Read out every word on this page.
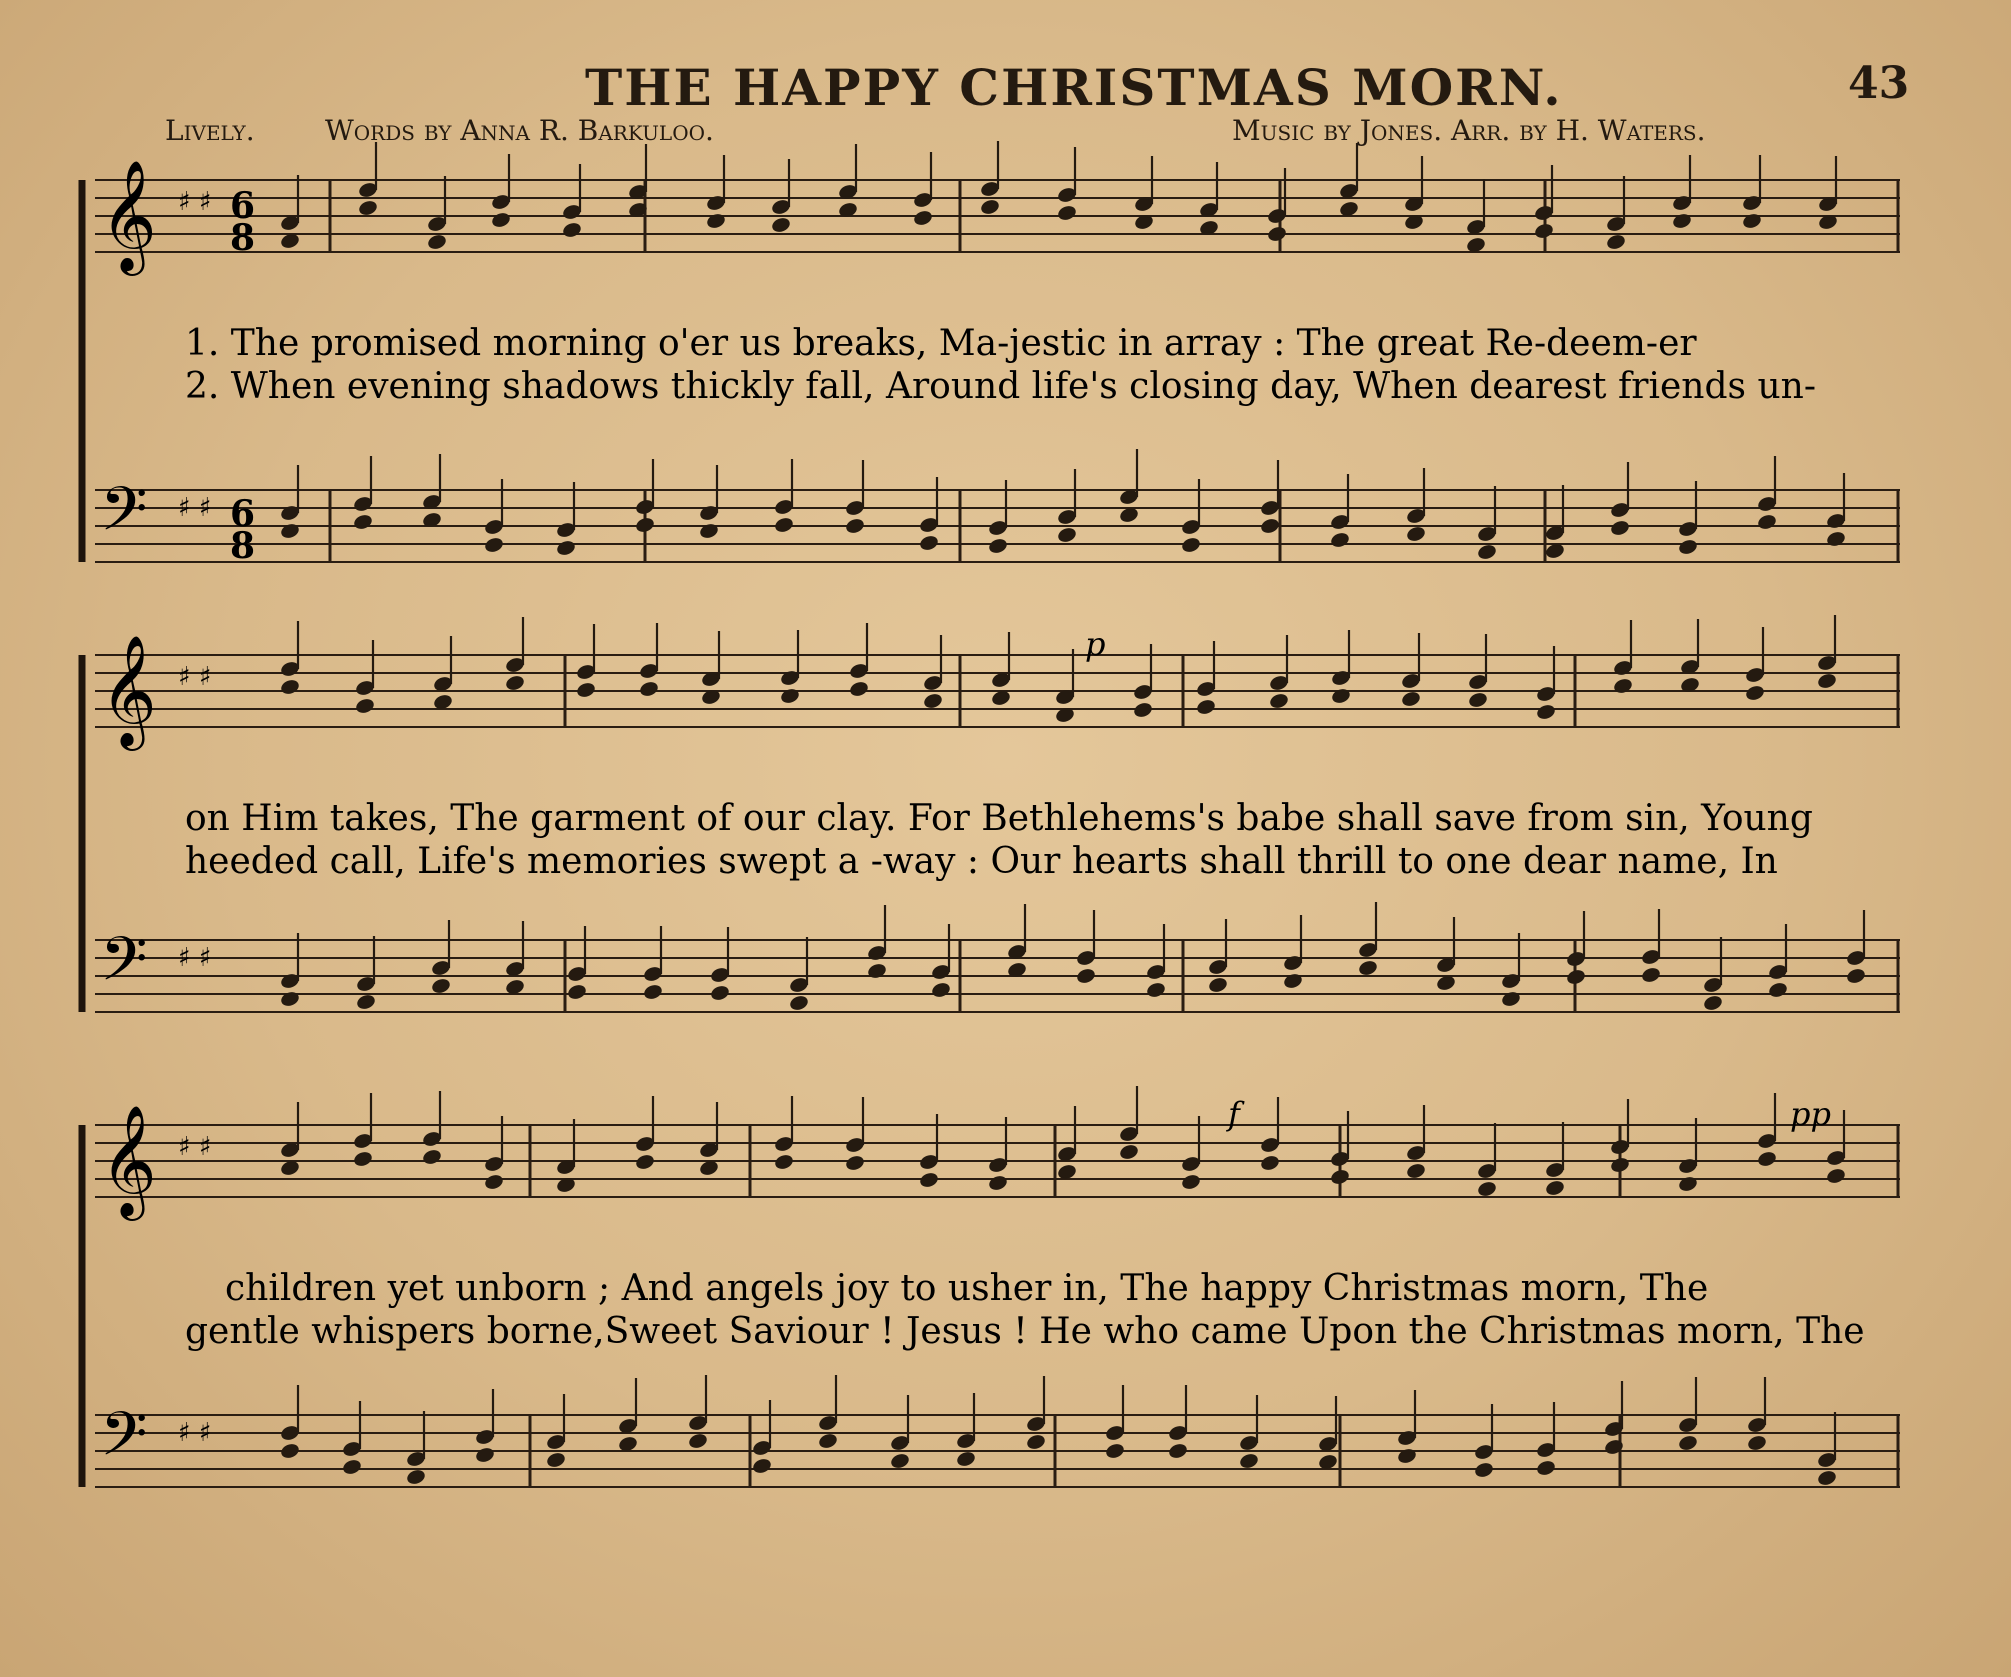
THE HAPPY CHRISTMAS MORN.	43
Lively.	Words by Anna R. Barkuloo.	Music by Jones. Arr. by H. Waters.
𝄞
𝄢
♯ ♯
♯ ♯
6
8
6
8
1. The promised morning o'er us breaks, Ma-jestic in array : The great Re-deem-er
2. When evening shadows thickly fall, Around life's closing day, When dearest friends un-
𝄞
𝄢
♯ ♯
♯ ♯
p
on Him takes, The garment of our clay. For Bethlehems's babe shall save from sin, Young
heeded call, Life's memories swept a -way : Our hearts shall thrill to one dear name, In
𝄞
𝄢
♯ ♯
♯ ♯
f	pp
children yet unborn ; And angels joy to usher in, The happy Christmas morn, The
gentle whispers borne,Sweet Saviour ! Jesus ! He who came Upon the Christmas morn, The
